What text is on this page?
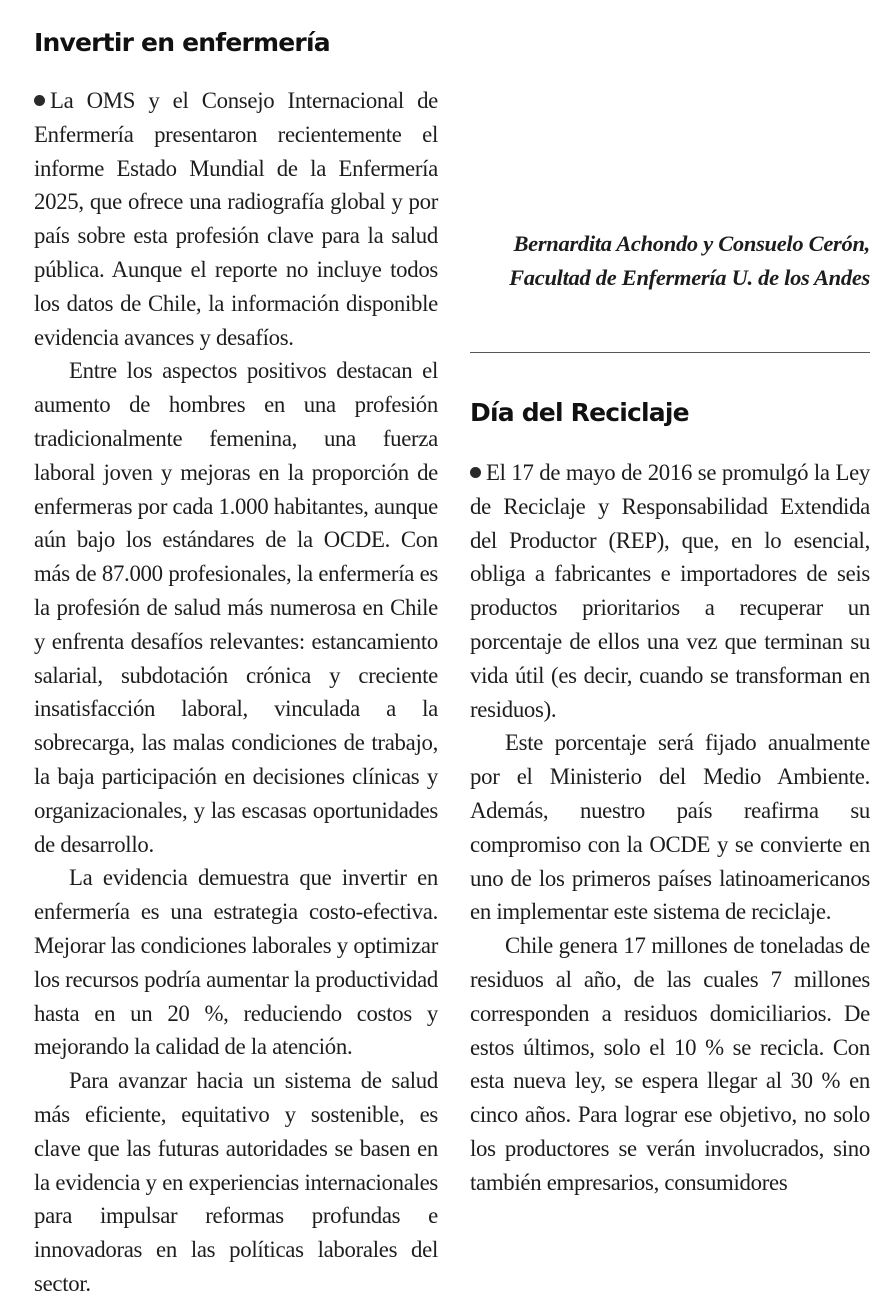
Invertir en enfermería

La OMS y el Consejo Internacional de Enfermería presentaron recientemente el informe Estado Mundial de la Enfermería 2025, que ofrece una radiografía global y por país sobre esta profesión clave para la salud pública. Aunque el reporte no incluye todos los datos de Chile, la información disponible evidencia avances y desafíos.

Entre los aspectos positivos destacan el aumento de hombres en una profesión tradicionalmente femenina, una fuerza laboral joven y mejoras en la proporción de enfermeras por cada 1.000 habitantes, aunque aún bajo los estándares de la OCDE. Con más de 87.000 profesionales, la enfermería es la profesión de salud más numerosa en Chile y enfrenta desafíos relevantes: estancamiento salarial, subdotación crónica y creciente insatisfacción laboral, vinculada a la sobrecarga, las malas condiciones de trabajo, la baja participación en decisiones clínicas y organizacionales, y las escasas oportunidades de desarrollo.

La evidencia demuestra que invertir en enfermería es una estrategia costo-efectiva. Mejorar las condiciones laborales y optimizar los recursos podría aumentar la productividad hasta en un 20 %, reduciendo costos y mejorando la calidad de la atención.

Para avanzar hacia un sistema de salud más eficiente, equitativo y sostenible, es clave que las futuras autoridades se basen en la evidencia y en experiencias internacionales para impulsar reformas profundas e innovadoras en las políticas laborales del sector.

Bernardita Achondo y Consuelo Cerón, Facultad de Enfermería U. de los Andes

Día del Reciclaje

El 17 de mayo de 2016 se promulgó la Ley de Reciclaje y Responsabilidad Extendida del Productor (REP), que, en lo esencial, obliga a fabricantes e importadores de seis productos prioritarios a recuperar un porcentaje de ellos una vez que terminan su vida útil (es decir, cuando se transforman en residuos).

Este porcentaje será fijado anualmente por el Ministerio del Medio Ambiente. Además, nuestro país reafirma su compromiso con la OCDE y se convierte en uno de los primeros países latinoamericanos en implementar este sistema de reciclaje.

Chile genera 17 millones de toneladas de residuos al año, de las cuales 7 millones corresponden a residuos domiciliarios. De estos últimos, solo el 10 % se recicla. Con esta nueva ley, se espera llegar al 30 % en cinco años. Para lograr ese objetivo, no solo los productores se verán involucrados, sino también empresarios, consumidores
